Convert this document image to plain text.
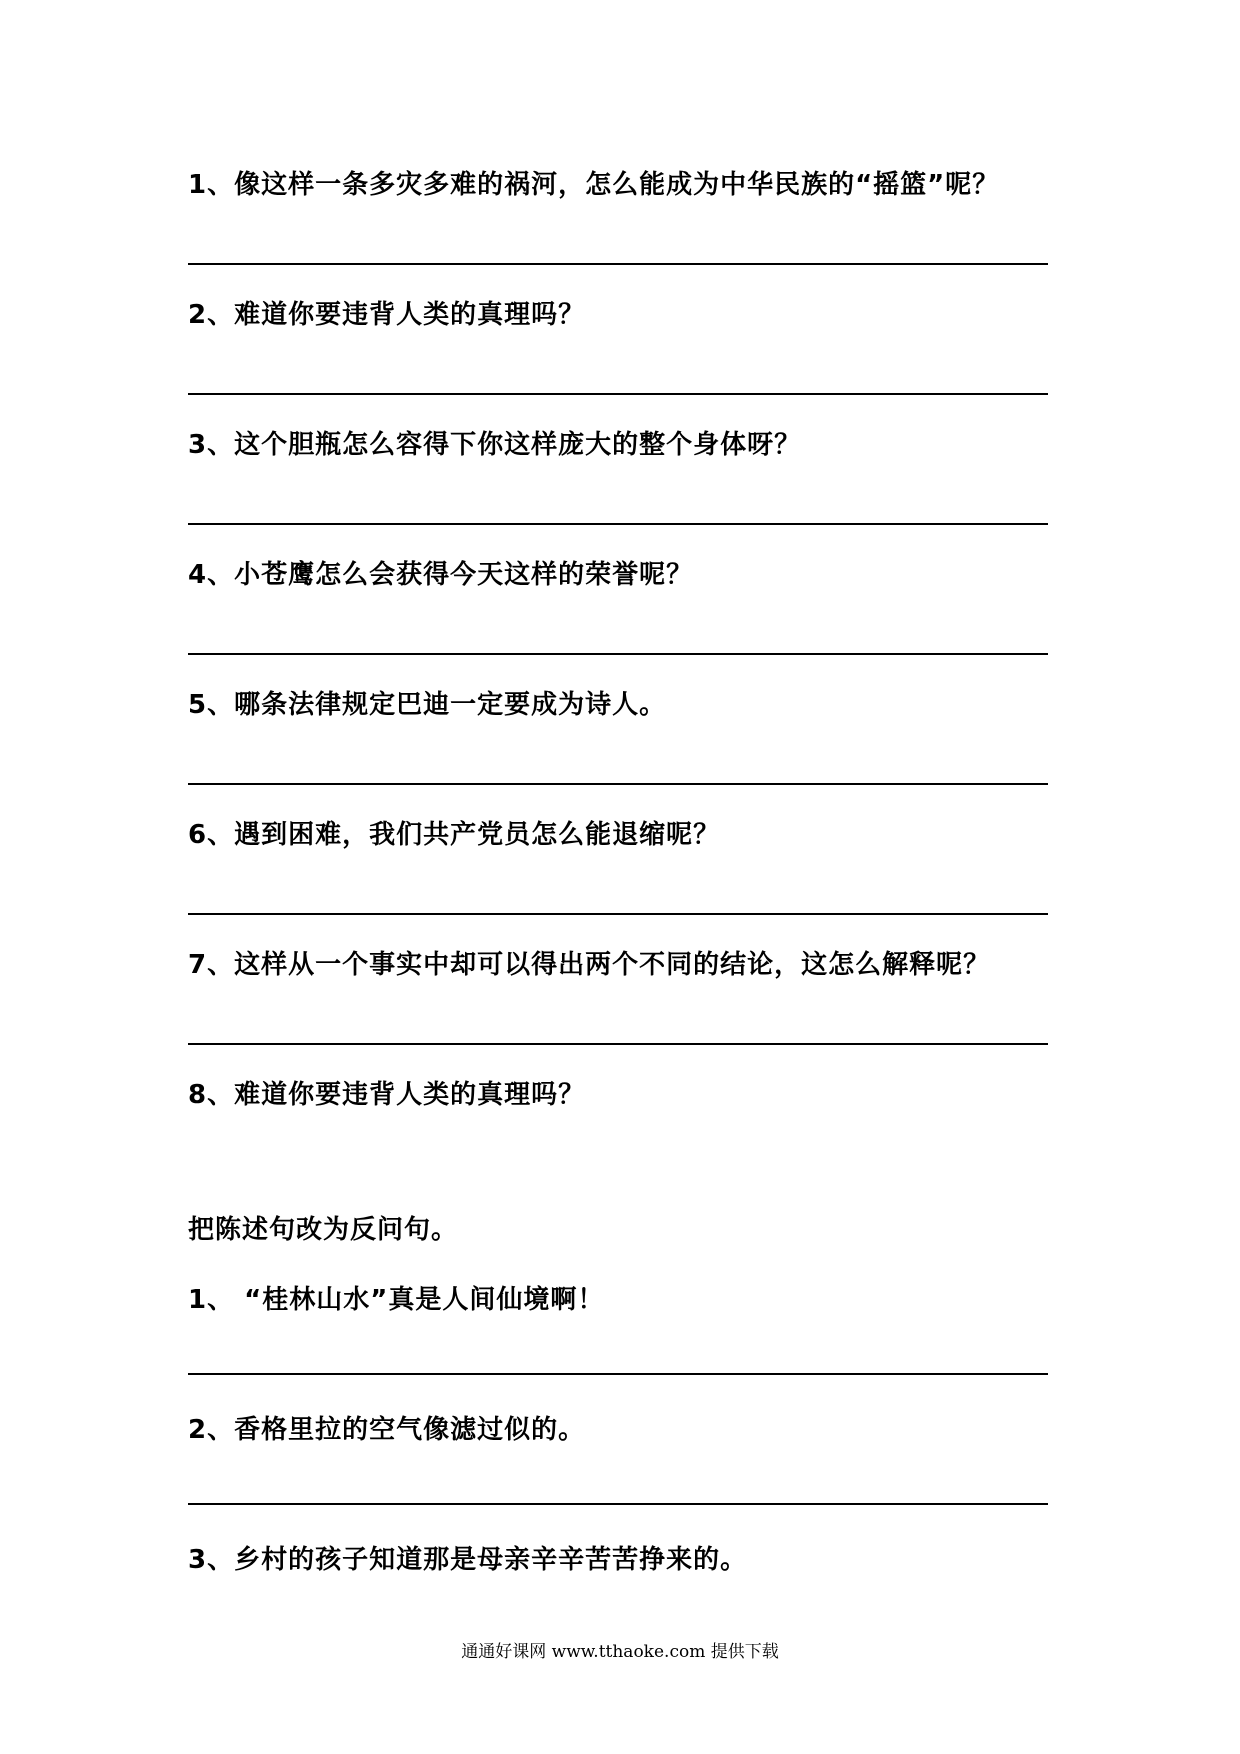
1、像这样一条多灾多难的祸河，怎么能成为中华民族的“摇篮”呢？
2、难道你要违背人类的真理吗？
3、这个胆瓶怎么容得下你这样庞大的整个身体呀？
4、小苍鹰怎么会获得今天这样的荣誉呢？
5、哪条法律规定巴迪一定要成为诗人。
6、遇到困难，我们共产党员怎么能退缩呢？
7、这样从一个事实中却可以得出两个不同的结论，这怎么解释呢？
8、难道你要违背人类的真理吗？
把陈述句改为反问句。
1、 “桂林山水”真是人间仙境啊！
2、香格里拉的空气像滤过似的。
3、乡村的孩子知道那是母亲辛辛苦苦挣来的。
通通好课网 www.tthaoke.com 提供下载
